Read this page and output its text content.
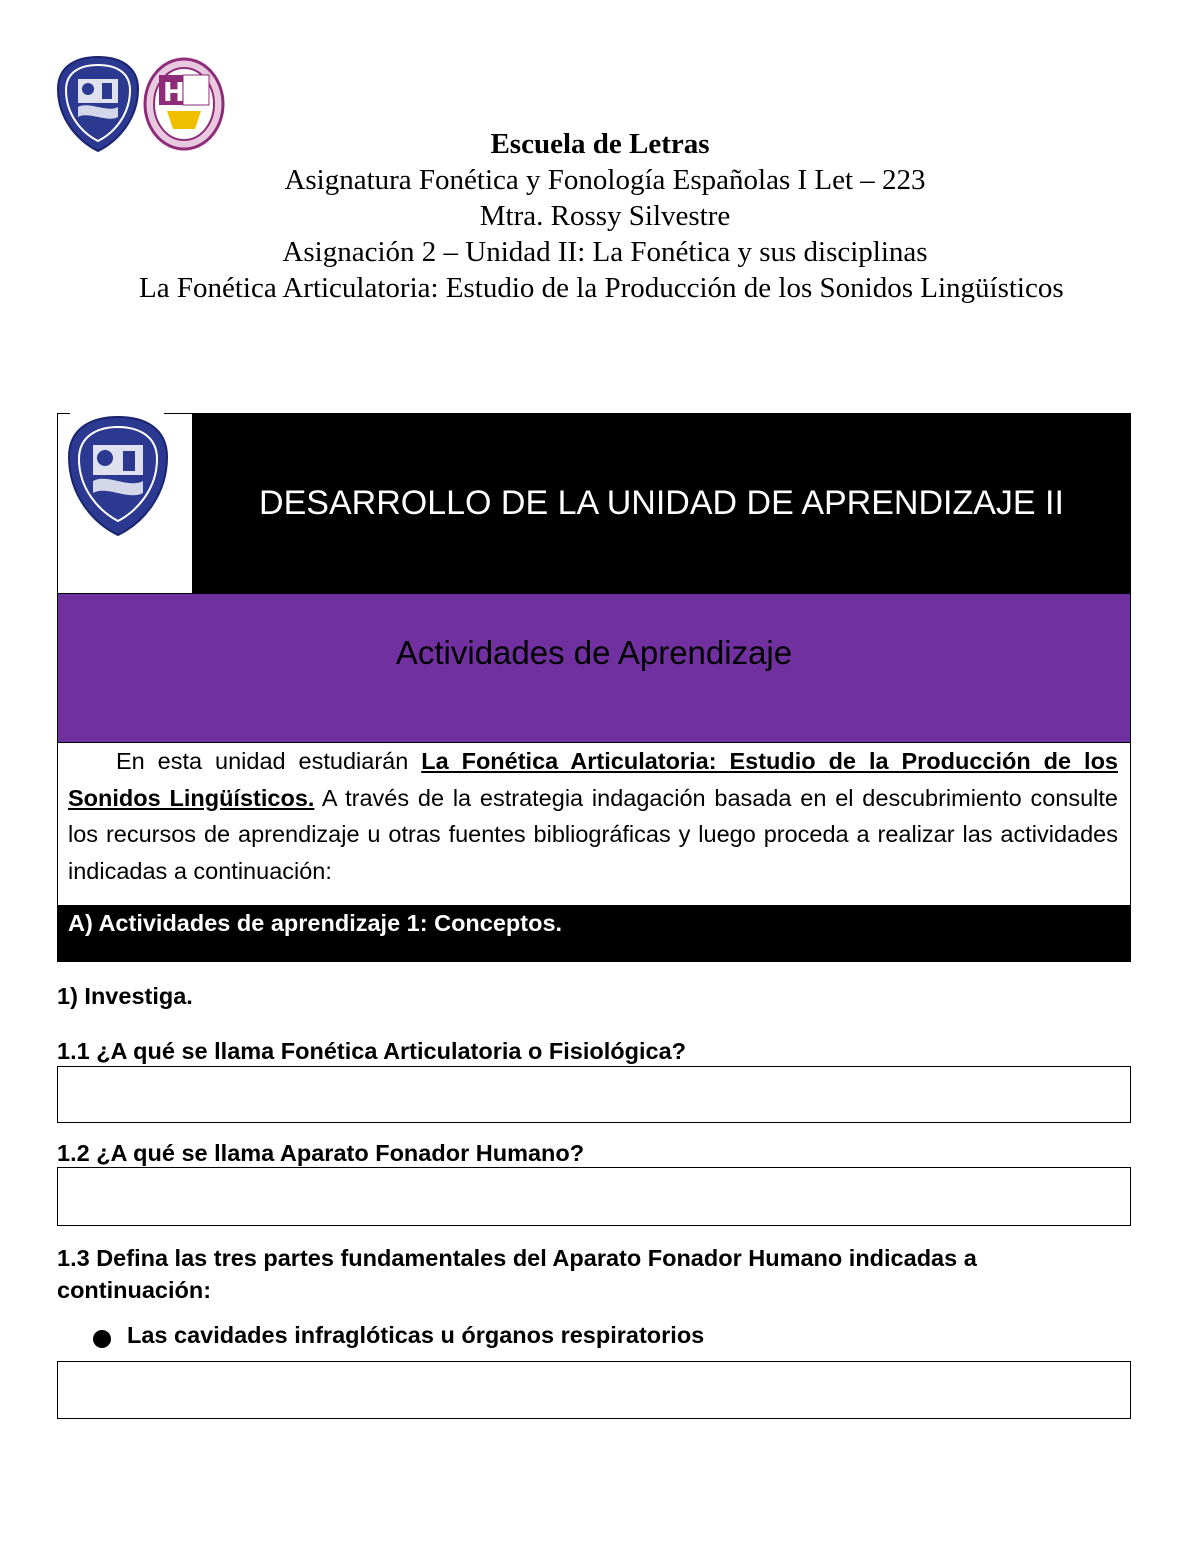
H
Escuela de Letras
Asignatura Fonética y Fonología Españolas I Let – 223
Mtra. Rossy Silvestre
Asignación 2 – Unidad II: La Fonética y sus disciplinas
La Fonética Articulatoria: Estudio de la Producción de los Sonidos Lingüísticos
DESARROLLO DE LA UNIDAD DE APRENDIZAJE II
Actividades de Aprendizaje
En esta unidad estudiarán La Fonética Articulatoria: Estudio de la Producción de los Sonidos Lingüísticos. A través de la estrategia indagación basada en el descubrimiento consulte los recursos de aprendizaje u otras fuentes bibliográficas y luego proceda a realizar las actividades indicadas a continuación:
A) Actividades de aprendizaje 1: Conceptos.
1) Investiga.
1.1 ¿A qué se llama Fonética Articulatoria o Fisiológica?
1.2 ¿A qué se llama Aparato Fonador Humano?
1.3 Defina las tres partes fundamentales del Aparato Fonador Humano indicadas a
continuación:
Las cavidades infraglóticas u órganos respiratorios
